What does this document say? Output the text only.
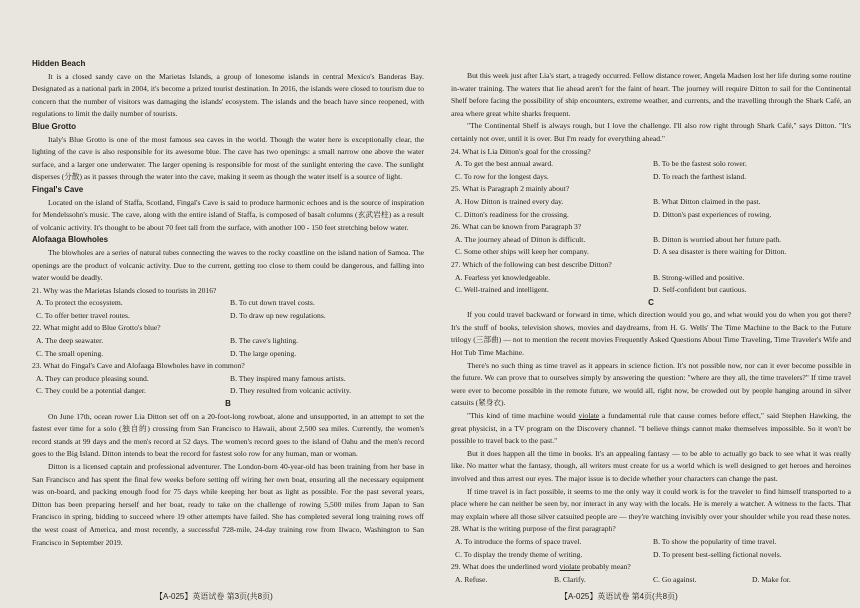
Hidden Beach

It is a closed sandy cave on the Marietas Islands, a group of lonesome islands in central Mexico's Banderas Bay. Designated as a national park in 2004, it's become a prized tourist destination. In 2016, the islands were closed to tourism due to concern that the number of visitors was damaging the islands' ecosystem. The islands and the beach have since reopened, with regulations to limit the daily number of tourists.

Blue Grotto

Italy's Blue Grotto is one of the most famous sea caves in the world. Though the water here is exceptionally clear, the lighting of the cave is also responsible for its awesome blue. The cave has two openings: a small narrow one above the water surface, and a larger one underwater. The larger opening is responsible for most of the sunlight entering the cave. The sunlight disperses (分散) as it passes through the water into the cave, making it seem as though the water itself is a source of light.

Fingal's Cave

Located on the island of Staffa, Scotland, Fingal's Cave is said to produce harmonic echoes and is the source of inspiration for Mendelssohn's music. The cave, along with the entire island of Staffa, is composed of basalt columns (玄武岩柱) as a result of volcanic activity. It's thought to be about 70 feet tall from the surface, with another 100 - 150 feet stretching below water.

Alofaaga Blowholes

The blowholes are a series of natural tubes connecting the waves to the rocky coastline on the island nation of Samoa. The openings are the product of volcanic activity. Due to the current, getting too close to them could be dangerous, and falling into water would be deadly.

21. Why was the Marietas Islands closed to tourists in 2016?

A. To protect the ecosystem.	B. To cut down travel costs.
C. To offer better travel routes.	D. To draw up new regulations.

22. What might add to Blue Grotto's blue?

A. The deep seawater.	B. The cave's lighting.
C. The small opening.	D. The large opening.

23. What do Fingal's Cave and Alofaaga Blowholes have in common?

A. They can produce pleasing sound.	B. They inspired many famous artists.
C. They could be a potential danger.	D. They resulted from volcanic activity.

B

On June 17th, ocean rower Lia Ditton set off on a 20-foot-long rowboat, alone and unsupported, in an attempt to set the fastest ever time for a solo (独自的) crossing from San Francisco to Hawaii, about 2,500 sea miles. Currently, the women's record stands at 99 days and the men's record at 52 days. The women's record goes to the island of Oahu and the men's record goes to the Big Island. Ditton intends to beat the record for fastest solo row for any human, man or woman.

Ditton is a licensed captain and professional adventurer. The London-born 40-year-old has been training from her base in San Francisco and has spent the final few weeks before setting off wiring her own boat, ensuring all the necessary equipment was on-board, and packing enough food for 75 days while keeping her boat as light as possible. For the past several years, Ditton has been preparing herself and her boat, ready to take on the challenge of rowing 5,500 miles from Japan to San Francisco in spring, bidding to succeed where 19 other attempts have failed. She has completed several long training rows off the west coast of America, and most recently, a successful 728-mile, 24-day training row from Ilwaco, Washington to San Francisco in September 2019.

【A-025】英语试卷 第3页(共8页)

But this week just after Lia's start, a tragedy occurred. Fellow distance rower, Angela Madsen lost her life during some routine in-water training. The waters that lie ahead aren't for the faint of heart. The journey will require Ditton to sail for the Continental Shelf before facing the possibility of ship encounters, extreme weather, and currents, and the travelling through the Shark Café, an area where great white sharks frequent.

"The Continental Shelf is always rough, but I love the challenge. I'll also row right through Shark Café," says Ditton. "It's certainly not over, until it is over. But I'm ready for everything ahead."

24. What is Lia Ditton's goal for the crossing?

A. To get the best annual award.	B. To be the fastest solo rower.
C. To row for the longest days.	D. To reach the farthest island.

25. What is Paragraph 2 mainly about?

A. How Ditton is trained every day.	B. What Ditton claimed in the past.
C. Ditton's readiness for the crossing.	D. Ditton's past experiences of rowing.

26. What can be known from Paragraph 3?

A. The journey ahead of Ditton is difficult.	B. Ditton is worried about her future path.
C. Some other ships will keep her company.	D. A sea disaster is there waiting for Ditton.

27. Which of the following can best describe Ditton?

A. Fearless yet knowledgeable.	B. Strong-willed and positive.
C. Well-trained and intelligent.	D. Self-confident but cautious.

C

If you could travel backward or forward in time, which direction would you go, and what would you do when you got there? It's the stuff of books, television shows, movies and daydreams, from H. G. Wells' The Time Machine to the Back to the Future trilogy (三部曲) — not to mention the recent movies Frequently Asked Questions About Time Traveling, Time Traveler's Wife and Hot Tub Time Machine.

There's no such thing as time travel as it appears in science fiction. It's not possible now, nor can it ever become possible in the future. We can prove that to ourselves simply by answering the question: "where are they all, the time travelers?" If time travel were ever to become possible in the remote future, we would all, right now, be crowded out by people hanging around in silver catsuits (紧身衣).

"This kind of time machine would violate a fundamental rule that cause comes before effect," said Stephen Hawking, the great physicist, in a TV program on the Discovery channel. "I believe things cannot make themselves impossible. So it won't be possible to travel back to the past."

But it does happen all the time in books. It's an appealing fantasy — to be able to actually go back to see what it was really like. No matter what the fantasy, though, all writers must create for us a world which is well designed to get heroes and heroines involved and thus arrest our eyes. The major issue is to decide whether your characters can change the past.

If time travel is in fact possible, it seems to me the only way it could work is for the traveler to find himself transported to a place where he can neither be seen by, nor interact in any way with the locals. He is merely a watcher. A witness to the facts. That may explain where all those silver catsuited people are — they're watching invisibly over your shoulder while you read these notes.

28. What is the writing purpose of the first paragraph?

A. To introduce the forms of space travel.	B. To show the popularity of time travel.
C. To display the trendy theme of writing.	D. To present best-selling fictional novels.

29. What does the underlined word violate probably mean?

A. Refuse.	B. Clarify.	C. Go against.	D. Make for.
【A-025】英语试卷 第4页(共8页)
